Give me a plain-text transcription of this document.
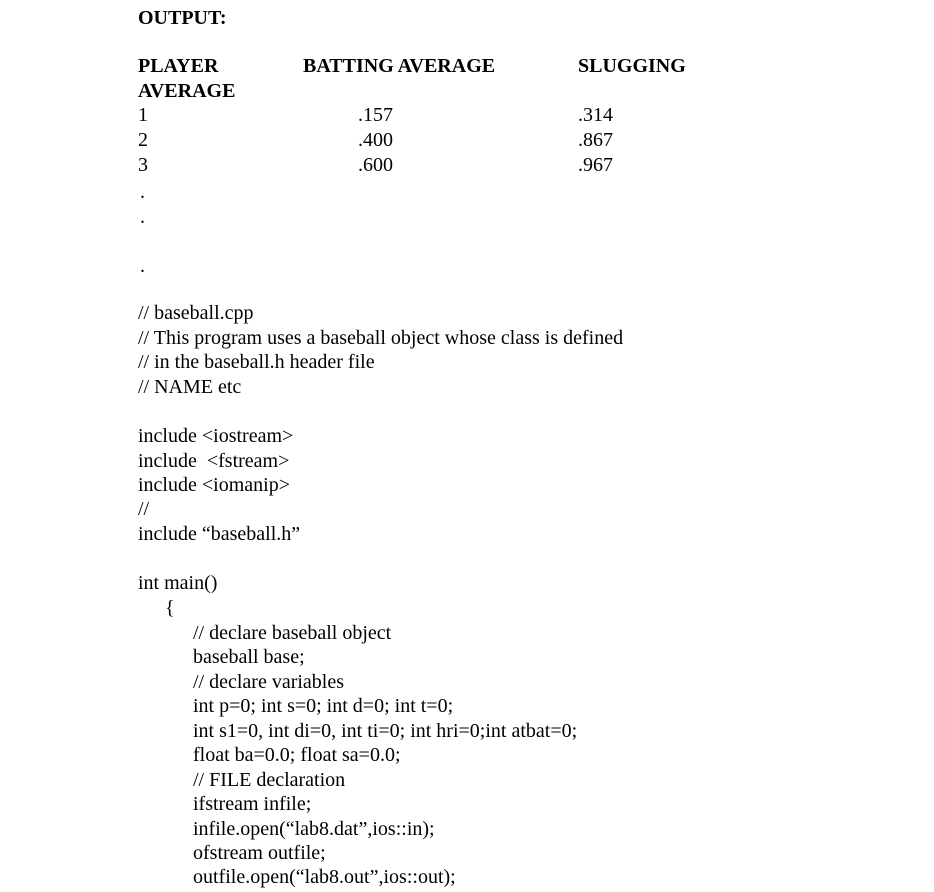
OUTPUT:
PLAYER	BATTING AVERAGE	SLUGGING
AVERAGE
1	.157	.314
2	.400	.867
3	.600	.967
.
.
.
// baseball.cpp
// This program uses a baseball object whose class is defined
// in the baseball.h header file
// NAME etc
include <iostream>
include  <fstream>
include <iomanip>
//
include “baseball.h”
int main()
{
// declare baseball object
baseball base;
// declare variables
int p=0; int s=0; int d=0; int t=0;
int s1=0, int di=0, int ti=0; int hri=0;int atbat=0;
float ba=0.0; float sa=0.0;
// FILE declaration
ifstream infile;
infile.open(“lab8.dat”,ios::in);
ofstream outfile;
outfile.open(“lab8.out”,ios::out);
